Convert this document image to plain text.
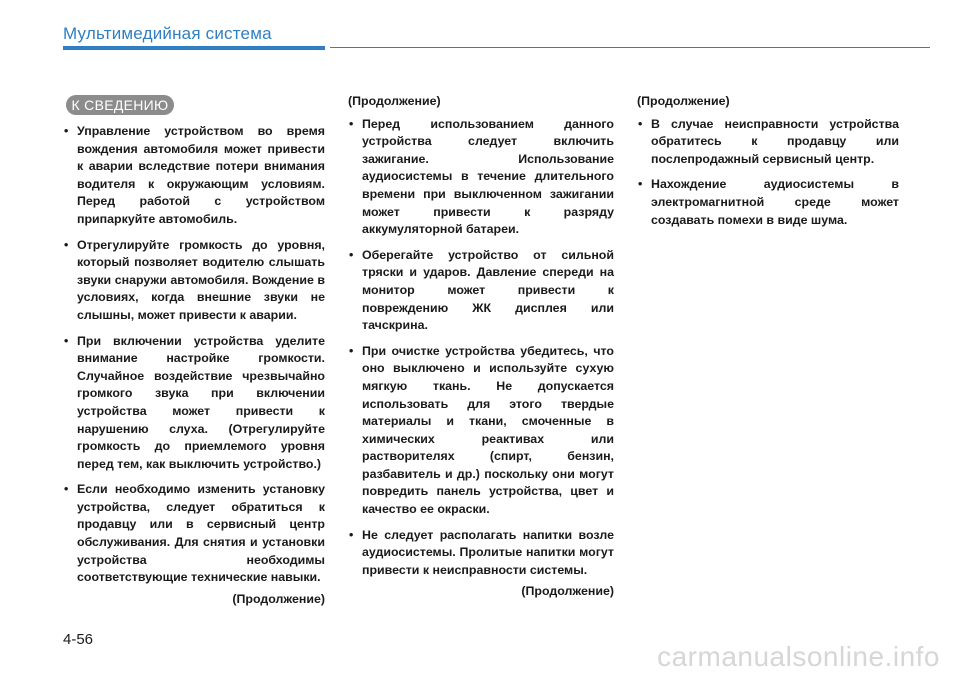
Мультимедийная система
К СВЕДЕНИЮ
• Управление устройством во время вождения автомобиля может привести к аварии вследствие потери внимания водителя к окружающим условиям. Перед работой с устройством припаркуйте автомобиль.
• Отрегулируйте громкость до уровня, который позволяет водителю слышать звуки снаружи автомобиля. Вождение в условиях, когда внешние звуки не слышны, может привести к аварии.
• При включении устройства уделите внимание настройке громкости. Случайное воздействие чрезвычайно громкого звука при включении устройства может привести к нарушению слуха. (Отрегулируйте громкость до приемлемого уровня перед тем, как выключить устройство.)
• Если необходимо изменить установку устройства, следует обратиться к продавцу или в сервисный центр обслуживания. Для снятия и установки устройства необходимы соответствующие технические навыки.
(Продолжение)
(Продолжение)
• Перед использованием данного устройства следует включить зажигание. Использование аудиосистемы в течение длительного времени при выключенном зажигании может привести к разряду аккумуляторной батареи.
• Оберегайте устройство от сильной тряски и ударов. Давление спереди на монитор может привести к повреждению ЖК дисплея или тачскрина.
• При очистке устройства убедитесь, что оно выключено и используйте сухую мягкую ткань. Не допускается использовать для этого твердые материалы и ткани, смоченные в химических реактивах или растворителях (спирт, бензин, разбавитель и др.) поскольку они могут повредить панель устройства, цвет и качество ее окраски.
• Не следует располагать напитки возле аудиосистемы. Пролитые напитки могут привести к неисправности системы.
(Продолжение)
(Продолжение)
• В случае неисправности устройства обратитесь к продавцу или послепродажный сервисный центр.
• Нахождение аудиосистемы в электромагнитной среде может создавать помехи в виде шума.
4-56
carmanualsonline.info
